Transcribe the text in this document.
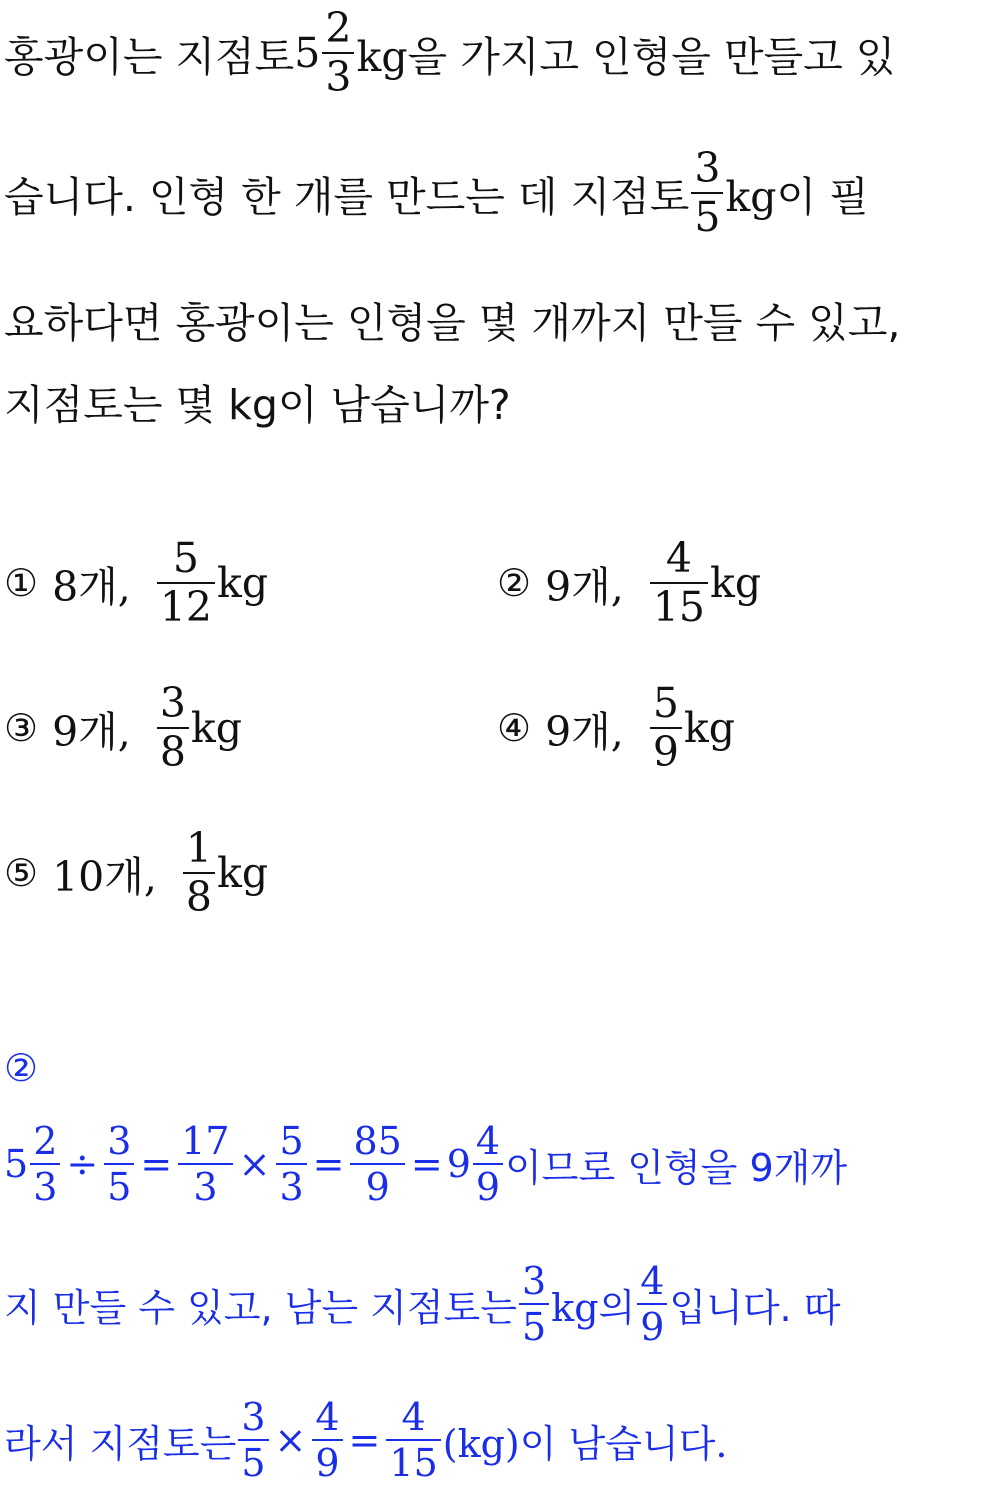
홍광이는 지점토 $5 \frac{2}{3}$ kg을 가지고 인형을 만들고 있
습니다. 인형 한 개를 만드는 데 지점토 $\frac{3}{5}$ kg이 필
요하다면 홍광이는 인형을 몇 개까지 만들 수 있고,
지점토는 몇 kg이 남습니까?
① 8개, $\frac{5}{12}$ kg	② 9개, $\frac{4}{15}$ kg
③ 9개, $\frac{3}{8}$ kg	④ 9개, $\frac{5}{9}$ kg
⑤ 10개, $\frac{1}{8}$ kg
②
$5 \frac{2}{3} \div \frac{3}{5} = \frac{17}{3} \times \frac{5}{3} = \frac{85}{9} = 9 \frac{4}{9}$ 이므로 인형을 9개까
지 만들 수 있고, 남는 지점토는 $\frac{3}{5}$ kg의 $\frac{4}{9}$ 입니다. 따
라서 지점토는 $\frac{3}{5} \times \frac{4}{9} = \frac{4}{15} (kg)$이 남습니다.
